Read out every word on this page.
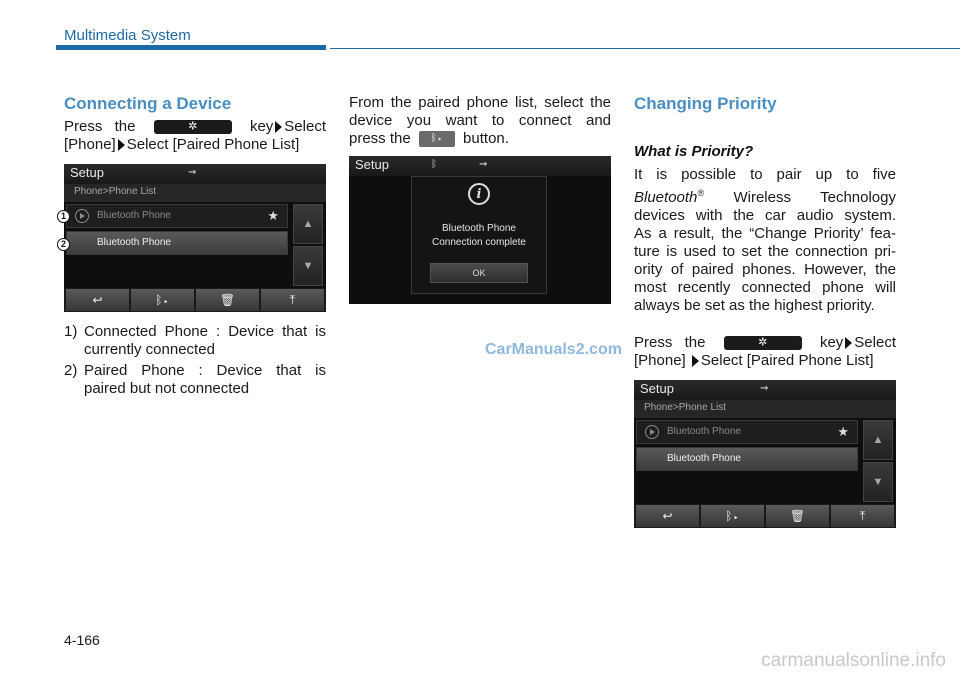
Multimedia System
Connecting a Device
Press the	✲	key Select
[Phone] Select [Paired Phone List]
Setup	⇝
Phone>Phone List
Bluetooth Phone	★
Bluetooth Phone
▲
▼
↩	ᛒ▸	🗑	⤒
1
2
1) Connected Phone : Device that is
currently connected
2) Paired Phone : Device that is
paired but not connected
From the paired phone list, select the
device you want to connect and
press the ᛒ▸ button.
Setup	ᛒ	⇝
i
Bluetooth Phone
Connection complete
OK
CarManuals2.com
Changing Priority
What is Priority?
It is possible to pair up to five
Bluetooth® Wireless Technology
devices with the car audio system.
As a result, the “Change Priority’ fea-
ture is used to set the connection pri-
ority of paired phones. However, the
most recently connected phone will
always be set as the highest priority.
Press the	✲	key Select
[Phone] Select [Paired Phone List]
Setup	⇝
Phone>Phone List
Bluetooth Phone	★
Bluetooth Phone
▲
▼
↩	ᛒ▸	🗑	⤒
4-166
carmanualsonline.info
